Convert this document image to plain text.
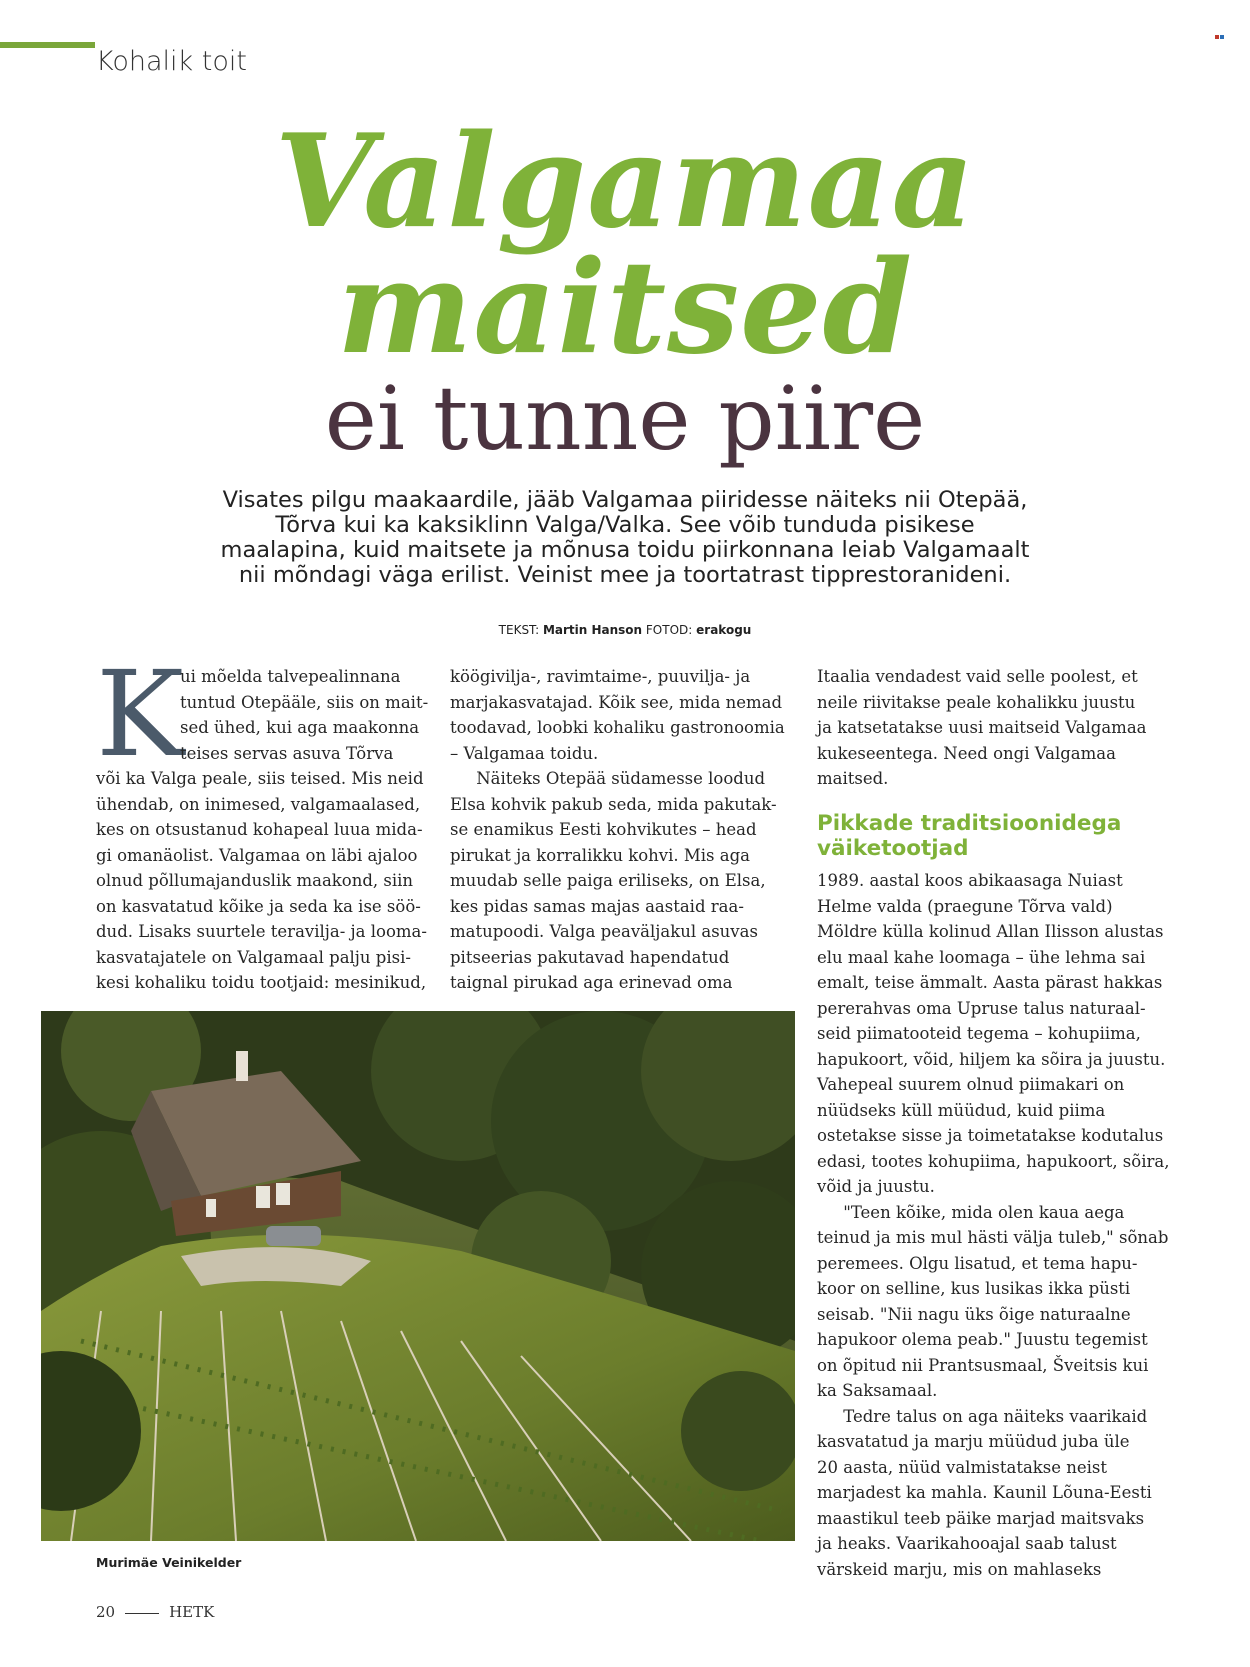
Kohalik toit
Valgamaa
maitsed
ei tunne piire
Visates pilgu maakaardile, jääb Valgamaa piiridesse näiteks nii Otepää,
Tõrva kui ka kaksiklinn Valga/Valka. See võib tunduda pisikese
maalapina, kuid maitsete ja mõnusa toidu piirkonnana leiab Valgamaalt
nii mõndagi väga erilist. Veinist mee ja toortatrast tipprestoranideni.
TEKST: Martin Hanson FOTOD: erakogu
K
ui mõelda talvepealinnana
tuntud Otepääle, siis on mait-
sed ühed, kui aga maakonna
teises servas asuva Tõrva
või ka Valga peale, siis teised. Mis neid
ühendab, on inimesed, valgamaalased,
kes on otsustanud kohapeal luua mida-
gi omanäolist. Valgamaa on läbi ajaloo
olnud põllumajanduslik maakond, siin
on kasvatatud kõike ja seda ka ise söö-
dud. Lisaks suurtele teravilja- ja looma-
kasvatajatele on Valgamaal palju pisi-
kesi kohaliku toidu tootjaid: mesinikud,
köögivilja-, ravimtaime-, puuvilja- ja
marjakasvatajad. Kõik see, mida nemad
toodavad, loobki kohaliku gastronoomia
– Valgamaa toidu.
Näiteks Otepää südamesse loodud
Elsa kohvik pakub seda, mida pakutak-
se enamikus Eesti kohvikutes – head
pirukat ja korralikku kohvi. Mis aga
muudab selle paiga eriliseks, on Elsa,
kes pidas samas majas aastaid raa-
matupoodi. Valga peaväljakul asuvas
pitseerias pakutavad hapendatud
taignal pirukad aga erinevad oma
Itaalia vendadest vaid selle poolest, et
neile riivitakse peale kohalikku juustu
ja katsetatakse uusi maitseid Valgamaa
kukeseentega. Need ongi Valgamaa
maitsed.
Pikkade traditsioonidega
väiketootjad
1989. aastal koos abikaasaga Nuiast
Helme valda (praegune Tõrva vald)
Möldre külla kolinud Allan Ilisson alustas
elu maal kahe loomaga – ühe lehma sai
emalt, teise ämmalt. Aasta pärast hakkas
pererahvas oma Upruse talus naturaal-
seid piimatooteid tegema – kohupiima,
hapukoort, võid, hiljem ka sõira ja juustu.
Vahepeal suurem olnud piimakari on
nüüdseks küll müüdud, kuid piima
ostetakse sisse ja toimetatakse kodutalus
edasi, tootes kohupiima, hapukoort, sõira,
võid ja juustu.
"Teen kõike, mida olen kaua aega
teinud ja mis mul hästi välja tuleb," sõnab
peremees. Olgu lisatud, et tema hapu-
koor on selline, kus lusikas ikka püsti
seisab. "Nii nagu üks õige naturaalne
hapukoor olema peab." Juustu tegemist
on õpitud nii Prantsusmaal, Šveitsis kui
ka Saksamaal.
Tedre talus on aga näiteks vaarikaid
kasvatatud ja marju müüdud juba üle
20 aasta, nüüd valmistatakse neist
marjadest ka mahla. Kaunil Lõuna-Eesti
maastikul teeb päike marjad maitsvaks
ja heaks. Vaarikahooajal saab talust
värskeid marju, mis on mahlaseks
Murimäe Veinikelder
20	HETK
